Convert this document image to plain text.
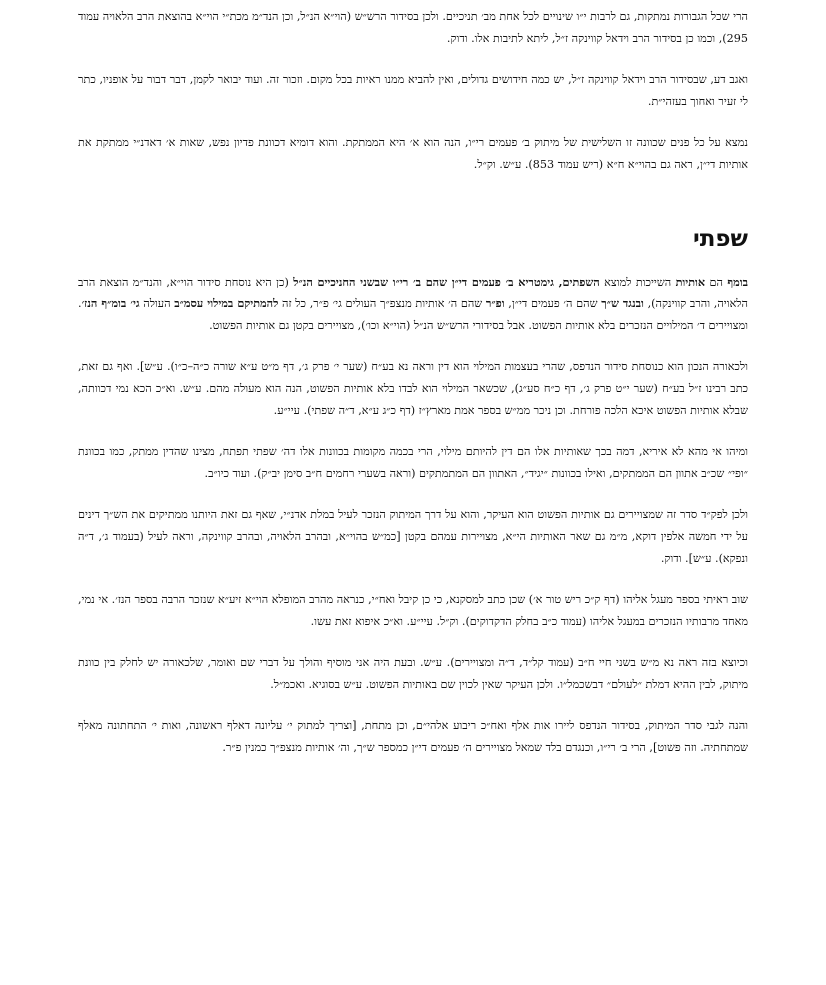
הרי שכל הגבורות נמתקות, גם לרבות י״ו שינויים לכל אחת מב׳ תניכיים. ולכן בסידור הרש״ש (הוי״א הנ״ל, וכן הנד״מ מכת״י הוי״א בהוצאת הרב הלאויה עמוד 295), וכמו כן בסידור הרב וידאל קווינקה ז״ל, ליתא לתיבות אלו. ודוק.

ואגב דע, שבסידור הרב וידאל קווינקה ז״ל, יש כמה חידושים גדולים, ואין להביא ממנו ראיות בכל מקום. וזכור זה. ועוד יבואר לקמן, דבר דבור על אופניו, כתר לי זעיר ואחוך בעזהי״ת.

נמצא על כל פנים שכוונה זו השלישית של מיתוק ב׳ פעמים רי״ו, הנה הוא א׳ היא הממתקת. והוא דומיא דכוונת פדיון נפש, שאות א׳ דאדנ״י ממתקת את אותיות די״ן, ראה גם בהוי״א ח״א (ריש עמוד 853). ע״ש. וק״ל.

שפתי

בומף הם אותיות השייכות למוצא השפתים, גימטריא ב׳ פעמים די״ן שהם ב׳ רי״ו שבשני החניכיים הנ״ל (כן היא נוסחת סידור הוי״א, והנד״מ הוצאת הרב הלאויה, והרב קווינקה), ובנגד ש״ך שהם ה׳ פעמים די״ן, ופ״ר שהם ה׳ אותיות מנצפ״ך העולים גי׳ פ״ר, כל זה להמתיקם במילוי עסמ״ב העולה גי׳ בומ״ף הנז׳. ומצויירים ד׳ המילויים הנזכרים בלא אותיות הפשוט. אבל בסידורי הרש״ש הנ״ל (הוי״א וכו׳), מצויירים בקטן גם אותיות הפשוט.

ולכאורה הנכון הוא כנוסחת סידור הנדפס, שהרי בעצמות המילוי הוא דין וראה נא בע״ח (שער י׳ פרק ג׳, דף מ״ט ע״א שורה כ״ה–כ״ו). ע״ש]. ואף גם זאת, כתב רבינו ז״ל בע״ח (שער י״ט פרק ג׳, דף כ״ח סע״ג), שכשאר המילוי הוא לבדו בלא אותיות הפשוט, הנה הוא מעולה מהם. ע״ש. וא״כ הכא נמי דכוותה, שבלא אותיות הפשוט איכא הלכה פורחת. וכן ניכר ממ״ש בספר אמת מארץ״ז (דף כ״ג ע״א, ד״ה שפתי). עיי״ע.

ומיהו אי מהא לא איריא, דמה בכך שאותיות אלו הם דין להיותם מילוי, הרי בכמה מקומות בכוונות אלו דה׳ שפתי תפתח, מצינו שהדין ממתק, כמו בכוונת ״ופי״ שכ״ב אתוון הם הממתקים, ואילו בכוונות ״יגיד״, האתוון הם המתמתקים (וראה בשערי רחמים ח״ב סימן יב״ק). ועוד כיו״ב.

ולכן לפק״ד סדר זה שמצויירים גם אותיות הפשוט הוא העיקר, והוא על דרך המיתוק הנזכר לעיל במלת אדנ״י, שאף גם זאת היותנו ממתיקים את הש״ך דינים על ידי חמשה אלפין דוקא, מ״מ גם שאר האותיות הי״א, מצויירות עמהם בקטן [כמ״ש בהוי״א, ובהרב הלאויה, ובהרב קווינקה, וראה לעיל (בעמוד ג׳, ד״ה ונפקא). ע״ש]. ודוק.

שוב ראיתי בספר מעגל אליהו (דף ק״כ ריש טור א׳) שכן כתב למסקנא, כי כן קיבל ואח״י, כנראה מהרב המופלא הוי״א זיע״א שנזכר הרבה בספר הנז׳. אי נמי, מאחד מרבותיו הנזכרים במעגל אליהו (עמוד כ״ב בחלק הדקדוקים). וק״ל. עיי״ע. וא״כ איפוא זאת עשו.

וכיוצא בזה ראה נא מ״ש בשני חיי ח״ב (עמוד קל״ד, ד״ה ומצויירים). ע״ש. ובעת היה אני מוסיף והולך על דברי שם ואומר, שלכאורה יש לחלק בין כוונת מיתוק, לבין ההיא דמלת ״לעולם״ דבשכמל״ו. ולכן העיקר שאין לכוין שם באותיות הפשוט. ע״ש בסוגיא. ואכמ״ל.

והנה לגבי סדר המיתוק, בסידור הנדפס ליירו אות אלף ואח״כ ריבוע אלהי״ם, וכן מתחת, [וצריך למתוק י׳ עליונה דאלף ראשונה, ואות י׳ התחתונה מאלף שמתחתיה. וזה פשוט], הרי ב׳ רי״ו, וכנגדם בלד שמאל מצויירים ה׳ פעמים די״ן כמספר ש״ך, וה׳ אותיות מנצפ״ך כמנין פ״ר.
